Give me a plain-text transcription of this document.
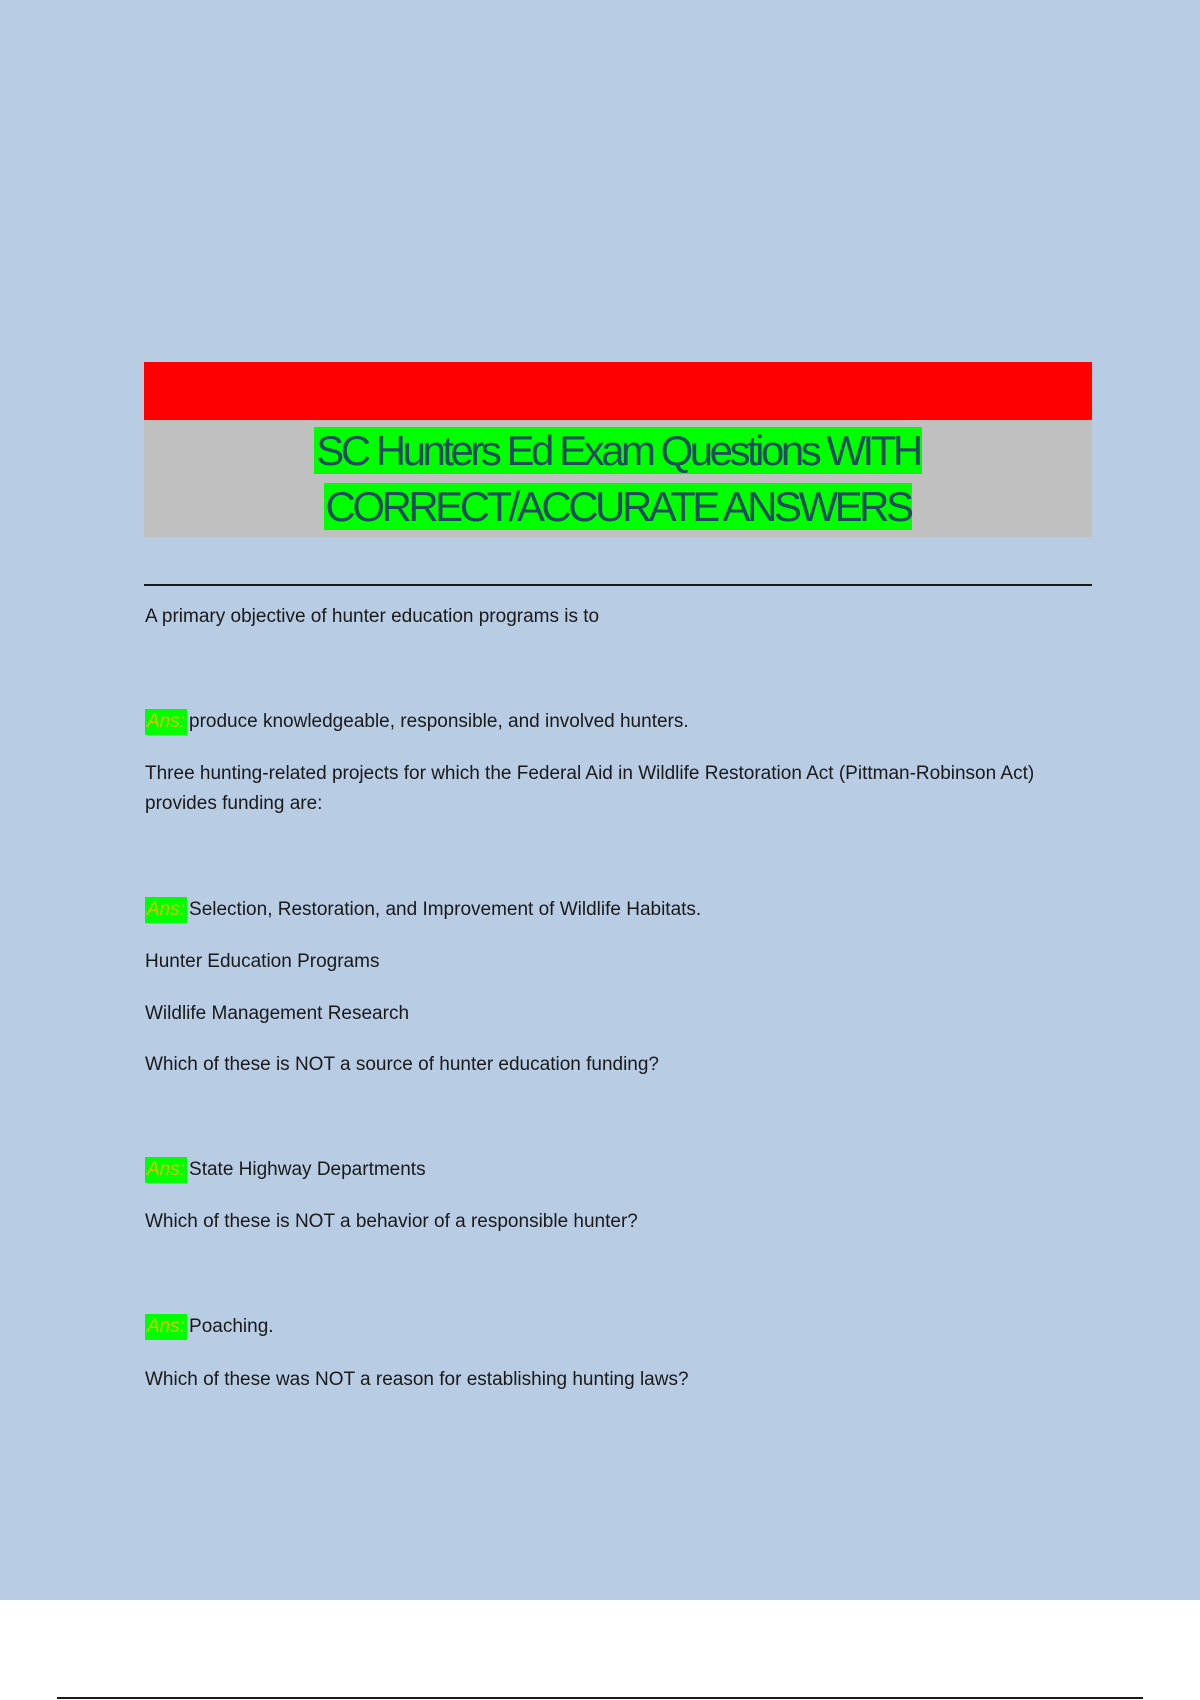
SC Hunters Ed Exam Questions WITH CORRECT/ACCURATE ANSWERS
A primary objective of hunter education programs is to
Ans: produce knowledgeable, responsible, and involved hunters.
Three hunting-related projects for which the Federal Aid in Wildlife Restoration Act (Pittman-Robinson Act) provides funding are:
Ans: Selection, Restoration, and Improvement of Wildlife Habitats.
Hunter Education Programs
Wildlife Management Research
Which of these is NOT a source of hunter education funding?
Ans: State Highway Departments
Which of these is NOT a behavior of a responsible hunter?
Ans: Poaching.
Which of these was NOT a reason for establishing hunting laws?
